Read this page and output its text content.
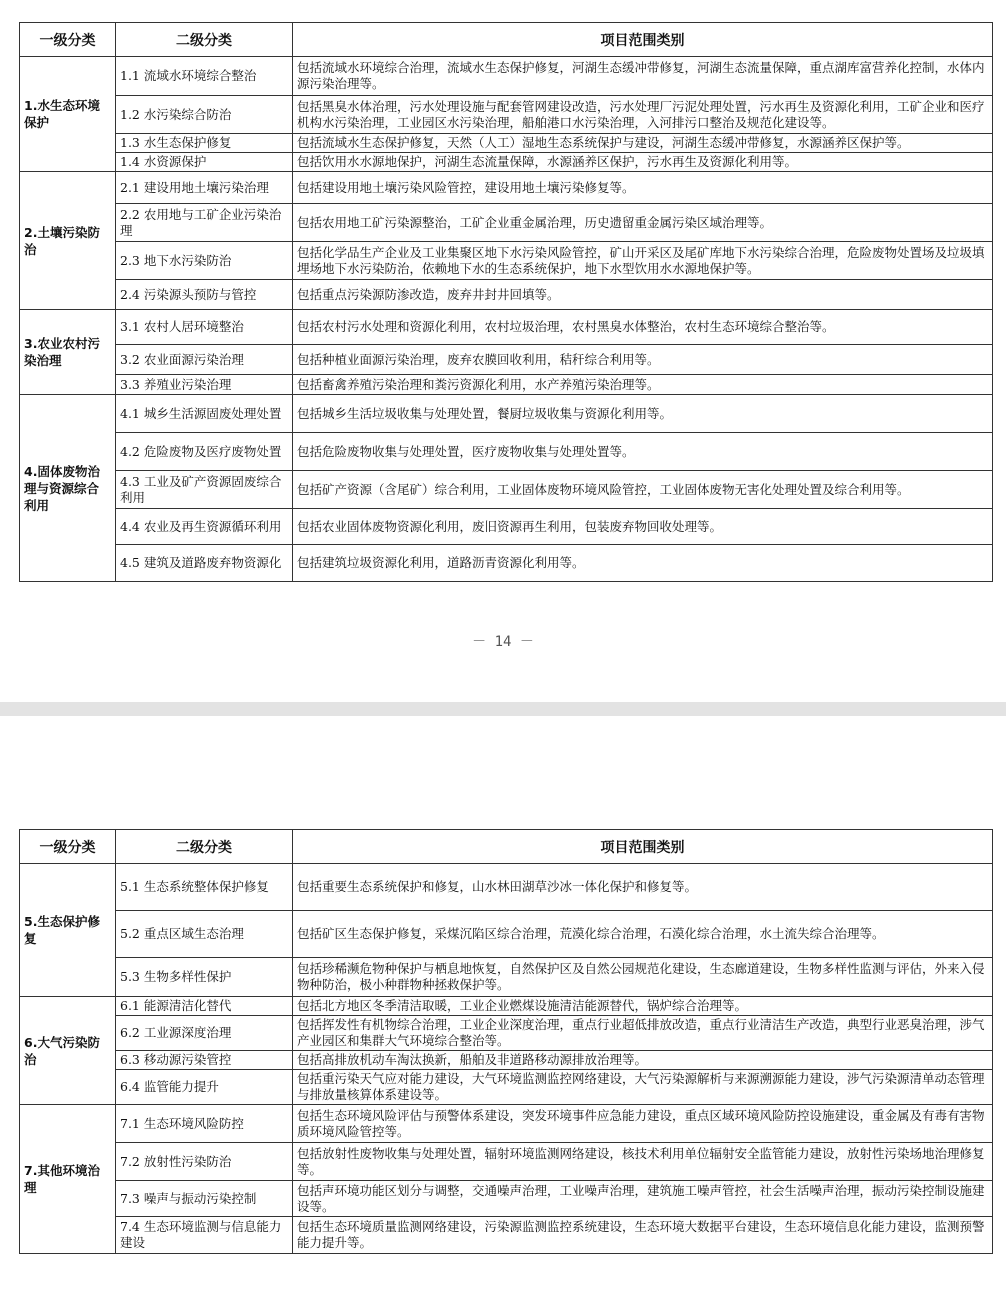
一级分类	二级分类	项目范围类别
1.水生态环境保护	1.1 流域水环境综合整治	包括流域水环境综合治理，流域水生态保护修复，河湖生态缓冲带修复，河湖生态流量保障，重点湖库富营养化控制，水体内源污染治理等。
	1.2 水污染综合防治	包括黑臭水体治理，污水处理设施与配套管网建设改造，污水处理厂污泥处理处置，污水再生及资源化利用，工矿企业和医疗机构水污染治理，工业园区水污染治理，船舶港口水污染治理，入河排污口整治及规范化建设等。
	1.3 水生态保护修复	包括流域水生态保护修复，天然（人工）湿地生态系统保护与建设，河湖生态缓冲带修复，水源涵养区保护等。
	1.4 水资源保护	包括饮用水水源地保护，河湖生态流量保障，水源涵养区保护，污水再生及资源化利用等。
2.土壤污染防治	2.1 建设用地土壤污染治理	包括建设用地土壤污染风险管控，建设用地土壤污染修复等。
	2.2 农用地与工矿企业污染治理	包括农用地工矿污染源整治，工矿企业重金属治理，历史遗留重金属污染区域治理等。
	2.3 地下水污染防治	包括化学品生产企业及工业集聚区地下水污染风险管控，矿山开采区及尾矿库地下水污染综合治理，危险废物处置场及垃圾填埋场地下水污染防治，依赖地下水的生态系统保护，地下水型饮用水水源地保护等。
	2.4 污染源头预防与管控	包括重点污染源防渗改造，废弃井封井回填等。
3.农业农村污染治理	3.1 农村人居环境整治	包括农村污水处理和资源化利用，农村垃圾治理，农村黑臭水体整治，农村生态环境综合整治等。
	3.2 农业面源污染治理	包括种植业面源污染治理，废弃农膜回收利用，秸秆综合利用等。
	3.3 养殖业污染治理	包括畜禽养殖污染治理和粪污资源化利用，水产养殖污染治理等。
4.固体废物治理与资源综合利用	4.1 城乡生活源固废处理处置	包括城乡生活垃圾收集与处理处置，餐厨垃圾收集与资源化利用等。
	4.2 危险废物及医疗废物处置	包括危险废物收集与处理处置，医疗废物收集与处理处置等。
	4.3 工业及矿产资源固废综合利用	包括矿产资源（含尾矿）综合利用，工业固体废物环境风险管控，工业固体废物无害化处理处置及综合利用等。
	4.4 农业及再生资源循环利用	包括农业固体废物资源化利用，废旧资源再生利用，包装废弃物回收处理等。
	4.5 建筑及道路废弃物资源化	包括建筑垃圾资源化利用，道路沥青资源化利用等。
－ 14 －
一级分类	二级分类	项目范围类别
5.生态保护修复	5.1 生态系统整体保护修复	包括重要生态系统保护和修复，山水林田湖草沙冰一体化保护和修复等。
	5.2 重点区域生态治理	包括矿区生态保护修复，采煤沉陷区综合治理，荒漠化综合治理，石漠化综合治理，水土流失综合治理等。
	5.3 生物多样性保护	包括珍稀濒危物种保护与栖息地恢复，自然保护区及自然公园规范化建设，生态廊道建设，生物多样性监测与评估，外来入侵物种防治，极小种群物种拯救保护等。
6.大气污染防治	6.1 能源清洁化替代	包括北方地区冬季清洁取暖，工业企业燃煤设施清洁能源替代，锅炉综合治理等。
	6.2 工业源深度治理	包括挥发性有机物综合治理，工业企业深度治理，重点行业超低排放改造，重点行业清洁生产改造，典型行业恶臭治理，涉气产业园区和集群大气环境综合整治等。
	6.3 移动源污染管控	包括高排放机动车淘汰换新，船舶及非道路移动源排放治理等。
	6.4 监管能力提升	包括重污染天气应对能力建设，大气环境监测监控网络建设，大气污染源解析与来源溯源能力建设，涉气污染源清单动态管理与排放量核算体系建设等。
7.其他环境治理	7.1 生态环境风险防控	包括生态环境风险评估与预警体系建设，突发环境事件应急能力建设，重点区域环境风险防控设施建设，重金属及有毒有害物质环境风险管控等。
	7.2 放射性污染防治	包括放射性废物收集与处理处置，辐射环境监测网络建设，核技术利用单位辐射安全监管能力建设，放射性污染场地治理修复等。
	7.3 噪声与振动污染控制	包括声环境功能区划分与调整，交通噪声治理，工业噪声治理，建筑施工噪声管控，社会生活噪声治理，振动污染控制设施建设等。
	7.4 生态环境监测与信息能力建设	包括生态环境质量监测网络建设，污染源监测监控系统建设，生态环境大数据平台建设，生态环境信息化能力建设，监测预警能力提升等。
